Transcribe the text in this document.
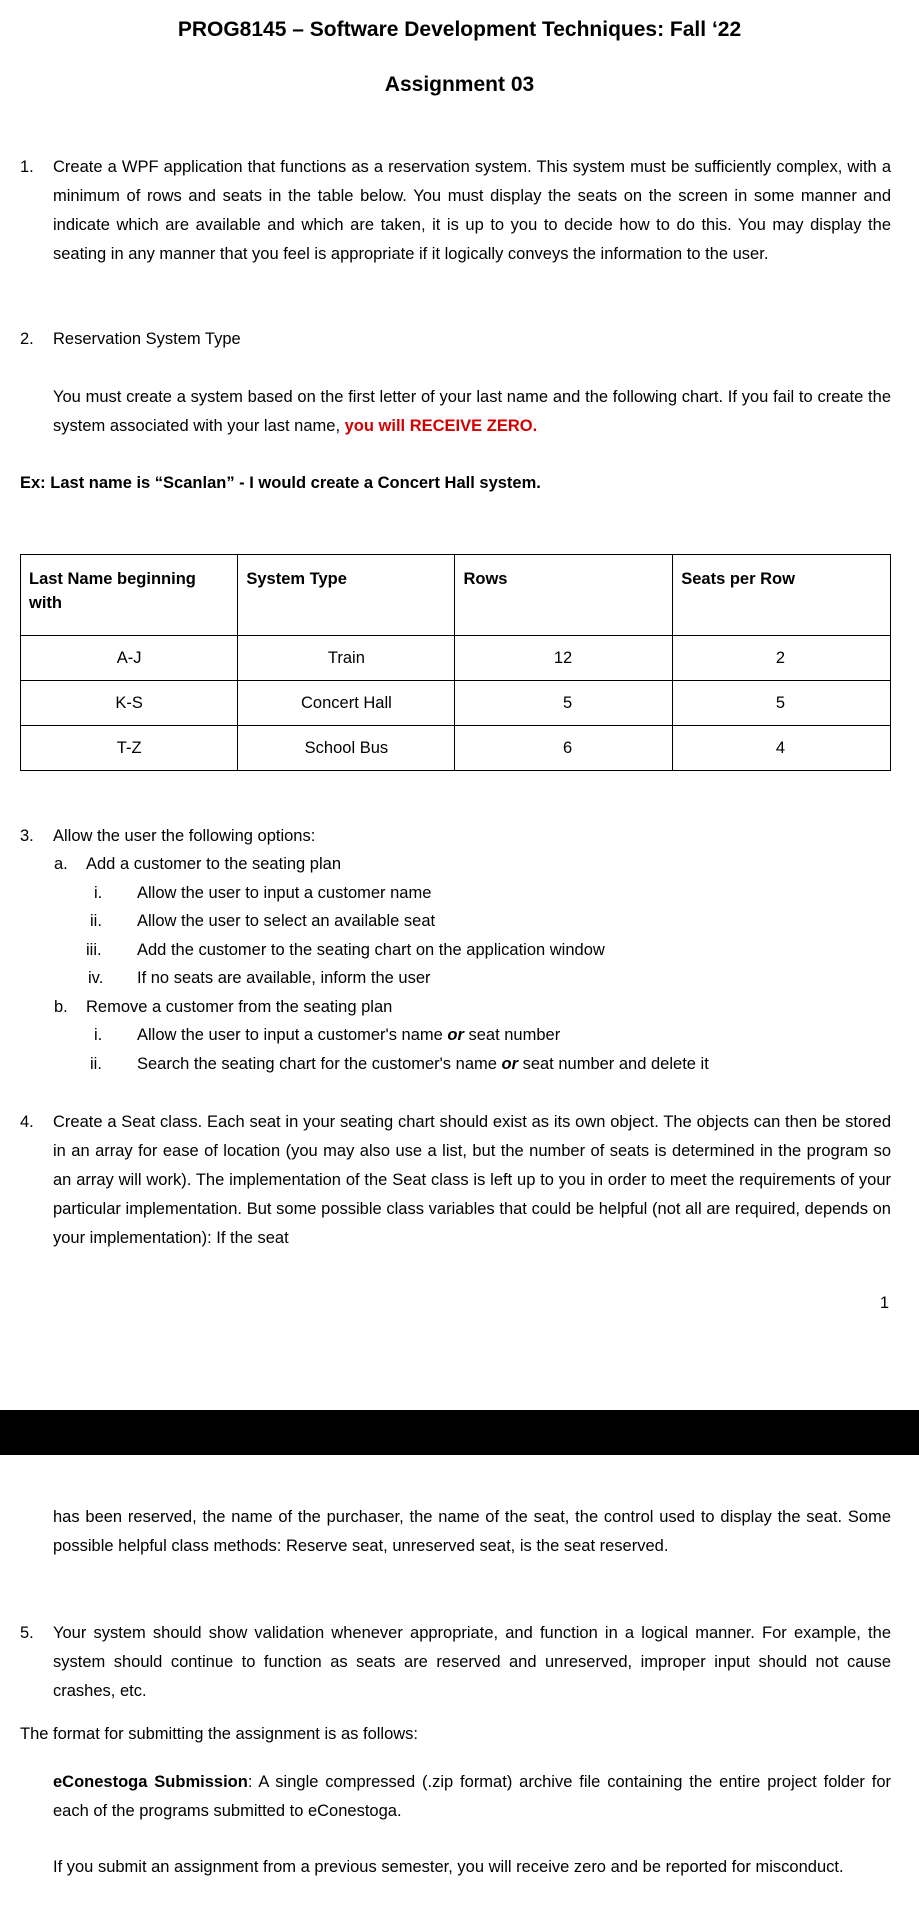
PROG8145 – Software Development Techniques: Fall ‘22
Assignment 03
1. Create a WPF application that functions as a reservation system. This system must be sufficiently complex, with a minimum of rows and seats in the table below. You must display the seats on the screen in some manner and indicate which are available and which are taken, it is up to you to decide how to do this. You may display the seating in any manner that you feel is appropriate if it logically conveys the information to the user.
2. Reservation System Type
You must create a system based on the first letter of your last name and the following chart. If you fail to create the system associated with your last name, you will RECEIVE ZERO.
Ex: Last name is “Scanlan” - I would create a Concert Hall system.
Last Name beginning with	System Type	Rows	Seats per Row
A-J	Train	12	2
K-S	Concert Hall	5	5
T-Z	School Bus	6	4
3. Allow the user the following options:
a. Add a customer to the seating plan
i. Allow the user to input a customer name
ii. Allow the user to select an available seat
iii. Add the customer to the seating chart on the application window
iv. If no seats are available, inform the user
b. Remove a customer from the seating plan
i. Allow the user to input a customer's name or seat number
ii. Search the seating chart for the customer's name or seat number and delete it
4. Create a Seat class. Each seat in your seating chart should exist as its own object. The objects can then be stored in an array for ease of location (you may also use a list, but the number of seats is determined in the program so an array will work). The implementation of the Seat class is left up to you in order to meet the requirements of your particular implementation. But some possible class variables that could be helpful (not all are required, depends on your implementation): If the seat
1
has been reserved, the name of the purchaser, the name of the seat, the control used to display the seat. Some possible helpful class methods: Reserve seat, unreserved seat, is the seat reserved.
5. Your system should show validation whenever appropriate, and function in a logical manner. For example, the system should continue to function as seats are reserved and unreserved, improper input should not cause crashes, etc.
The format for submitting the assignment is as follows:
eConestoga Submission: A single compressed (.zip format) archive file containing the entire project folder for each of the programs submitted to eConestoga.
If you submit an assignment from a previous semester, you will receive zero and be reported for misconduct.
